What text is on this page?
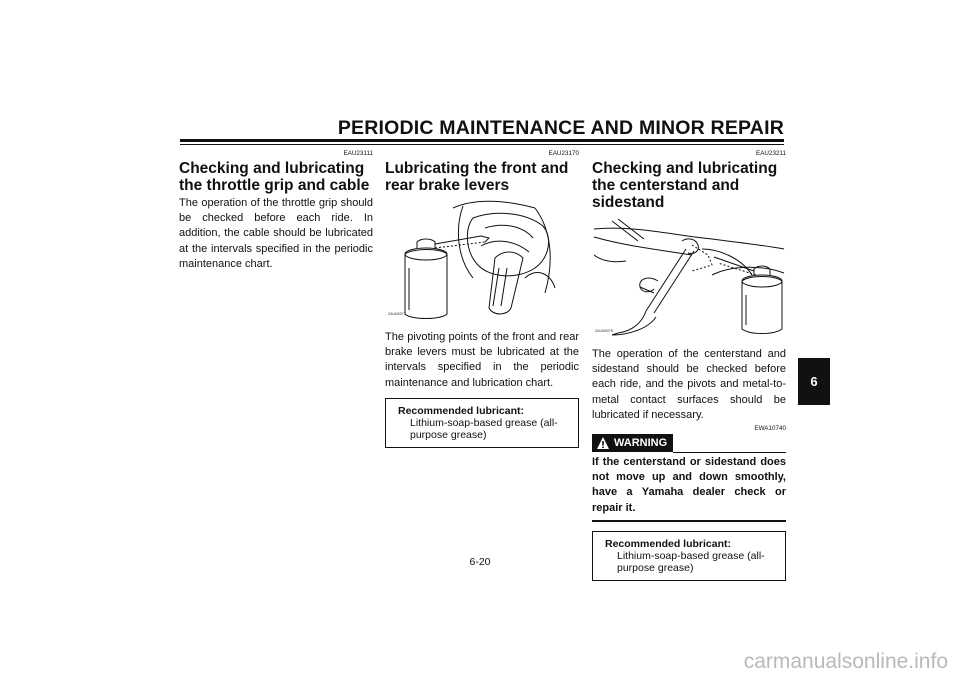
PERIODIC MAINTENANCE AND MINOR REPAIR
EAU23111
Checking and lubricating the throttle grip and cable
The operation of the throttle grip should be checked before each ride. In addition, the cable should be lubricated at the intervals specified in the periodic maintenance chart.
EAU23170
Lubricating the front and rear brake levers
ZAUM0077
The pivoting points of the front and rear brake levers must be lubricated at the intervals specified in the periodic maintenance and lubrication chart.
Recommended lubricant:
Lithium-soap-based grease (all-purpose grease)
EAU23211
Checking and lubricating the centerstand and sidestand
ZAUM0078
The operation of the centerstand and sidestand should be checked before each ride, and the pivots and metal-to-metal contact surfaces should be lubricated if necessary.
EWA10740
WARNING
If the centerstand or sidestand does not move up and down smoothly, have a Yamaha dealer check or repair it.
Recommended lubricant:
Lithium-soap-based grease (all-purpose grease)
6-20
6
carmanualsonline.info
